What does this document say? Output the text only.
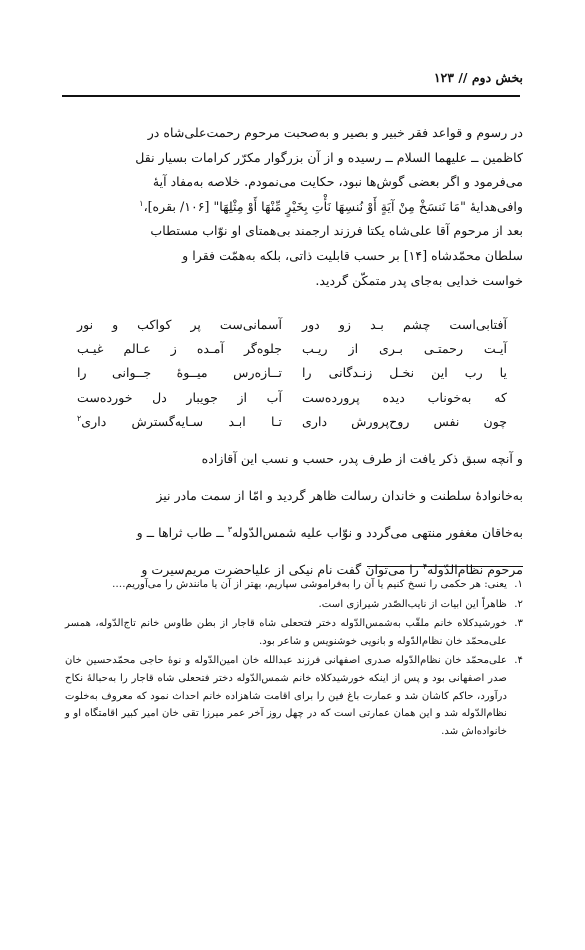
بخش دوم // ۱۲۳

در رسوم و قواعد فقر خبیر و بصیر و به‌صحبت مرحوم رحمت‌علی‌شاه در

کاظمین ــ علیهما السلام ــ رسیده و از آن بزرگوار مکرّر کرامات بسیار نقل

می‌فرمود و اگر بعضی گوش‌ها نبود، حکایت می‌نمودم. خلاصه به‌مفاد آیهٔ

وافی‌هدایهٔ "مَا نَنسَخْ مِنْ آيَةٍ أَوْ نُنسِهَا نَأْتِ بِخَيْرٍ مِّنْهَا أَوْ مِثْلِهَا" [۱۰۶/ بقره]،$^۱$

بعد از مرحوم آقا علی‌شاه یکتا فرزند ارجمند بی‌همتای او نوّاب مستطاب

سلطان محمّدشاه [۱۴] بر حسب قابلیت ذاتی، بلکه به‌همّت فقرا و

خواست خدایی به‌جای پدر متمکّن گردید.

آفتابی‌است چشم بـد زو دور
آسمانی‌ست پر کواکب و نور
آیـت رحمتـی بـری از ریـب
جلوه‌گر آمـده ز عـالم غیـب
یا رب این نخـل زنـدگانی را
تــازه‌رس میــوهٔ جــوانی را
که به‌خوناب دیده پروردەست
آب از جویبار دل خوردەست
چون نفس روح‌پرورش داری
تـا ابـد سـایه‌گسترش داری$^۲$

و آنچه سبق ذکر یافت از طرف پدر، حسب و نسب این آقازاده

به‌خانوادهٔ سلطنت و خاندان رسالت ظاهر گردید و امّا از سمت مادر نیز

به‌خاقان مغفور منتهی می‌گردد و نوّاب علیه شمس‌الدّوله$^۳$ ــ طاب ثراها ــ و

مرحوم نظام‌الدّوله$^۴$ را می‌توان گفت نام نیکی از علیاحضرت مریم‌سیرت و

۱.
یعنی: هر حکمی را نسخ کنیم یا آن را به‌فراموشی سپاریم، بهتر از آن یا مانندش را می‌آوریم….
۲.
ظاهراً این ابیات از نایب‌الصّدر شیرازی است.
۳.
خورشیدکلاه خانم ملقّب به‌شمس‌الدّوله دختر فتحعلی شاه قاجار از بطن طاوس خانم تاج‌الدّوله، همسر علی‌محمّد خان نظام‌الدّوله و بانویی خوشنویس و شاعر بود.
۴.
علی‌محمّد خان نظام‌الدّوله صدری اصفهانی فرزند عبدالله خان امین‌الدّوله و نوهٔ حاجی محمّدحسین خان صدر اصفهانی بود و پس از اینکه خورشیدکلاه خانم شمس‌الدّوله دختر فتحعلی شاه قاجار را به‌حبالهٔ نکاح درآورد، حاکم کاشان شد و عمارت باغ فین را برای اقامت شاهزاده خانم احداث نمود که معروف به‌خلوت نظام‌الدّوله شد و این همان عمارتی است که در چهل روز آخر عمر میرزا تقی خان امیر کبیر اقامتگاه او و خانواده‌اش شد.
